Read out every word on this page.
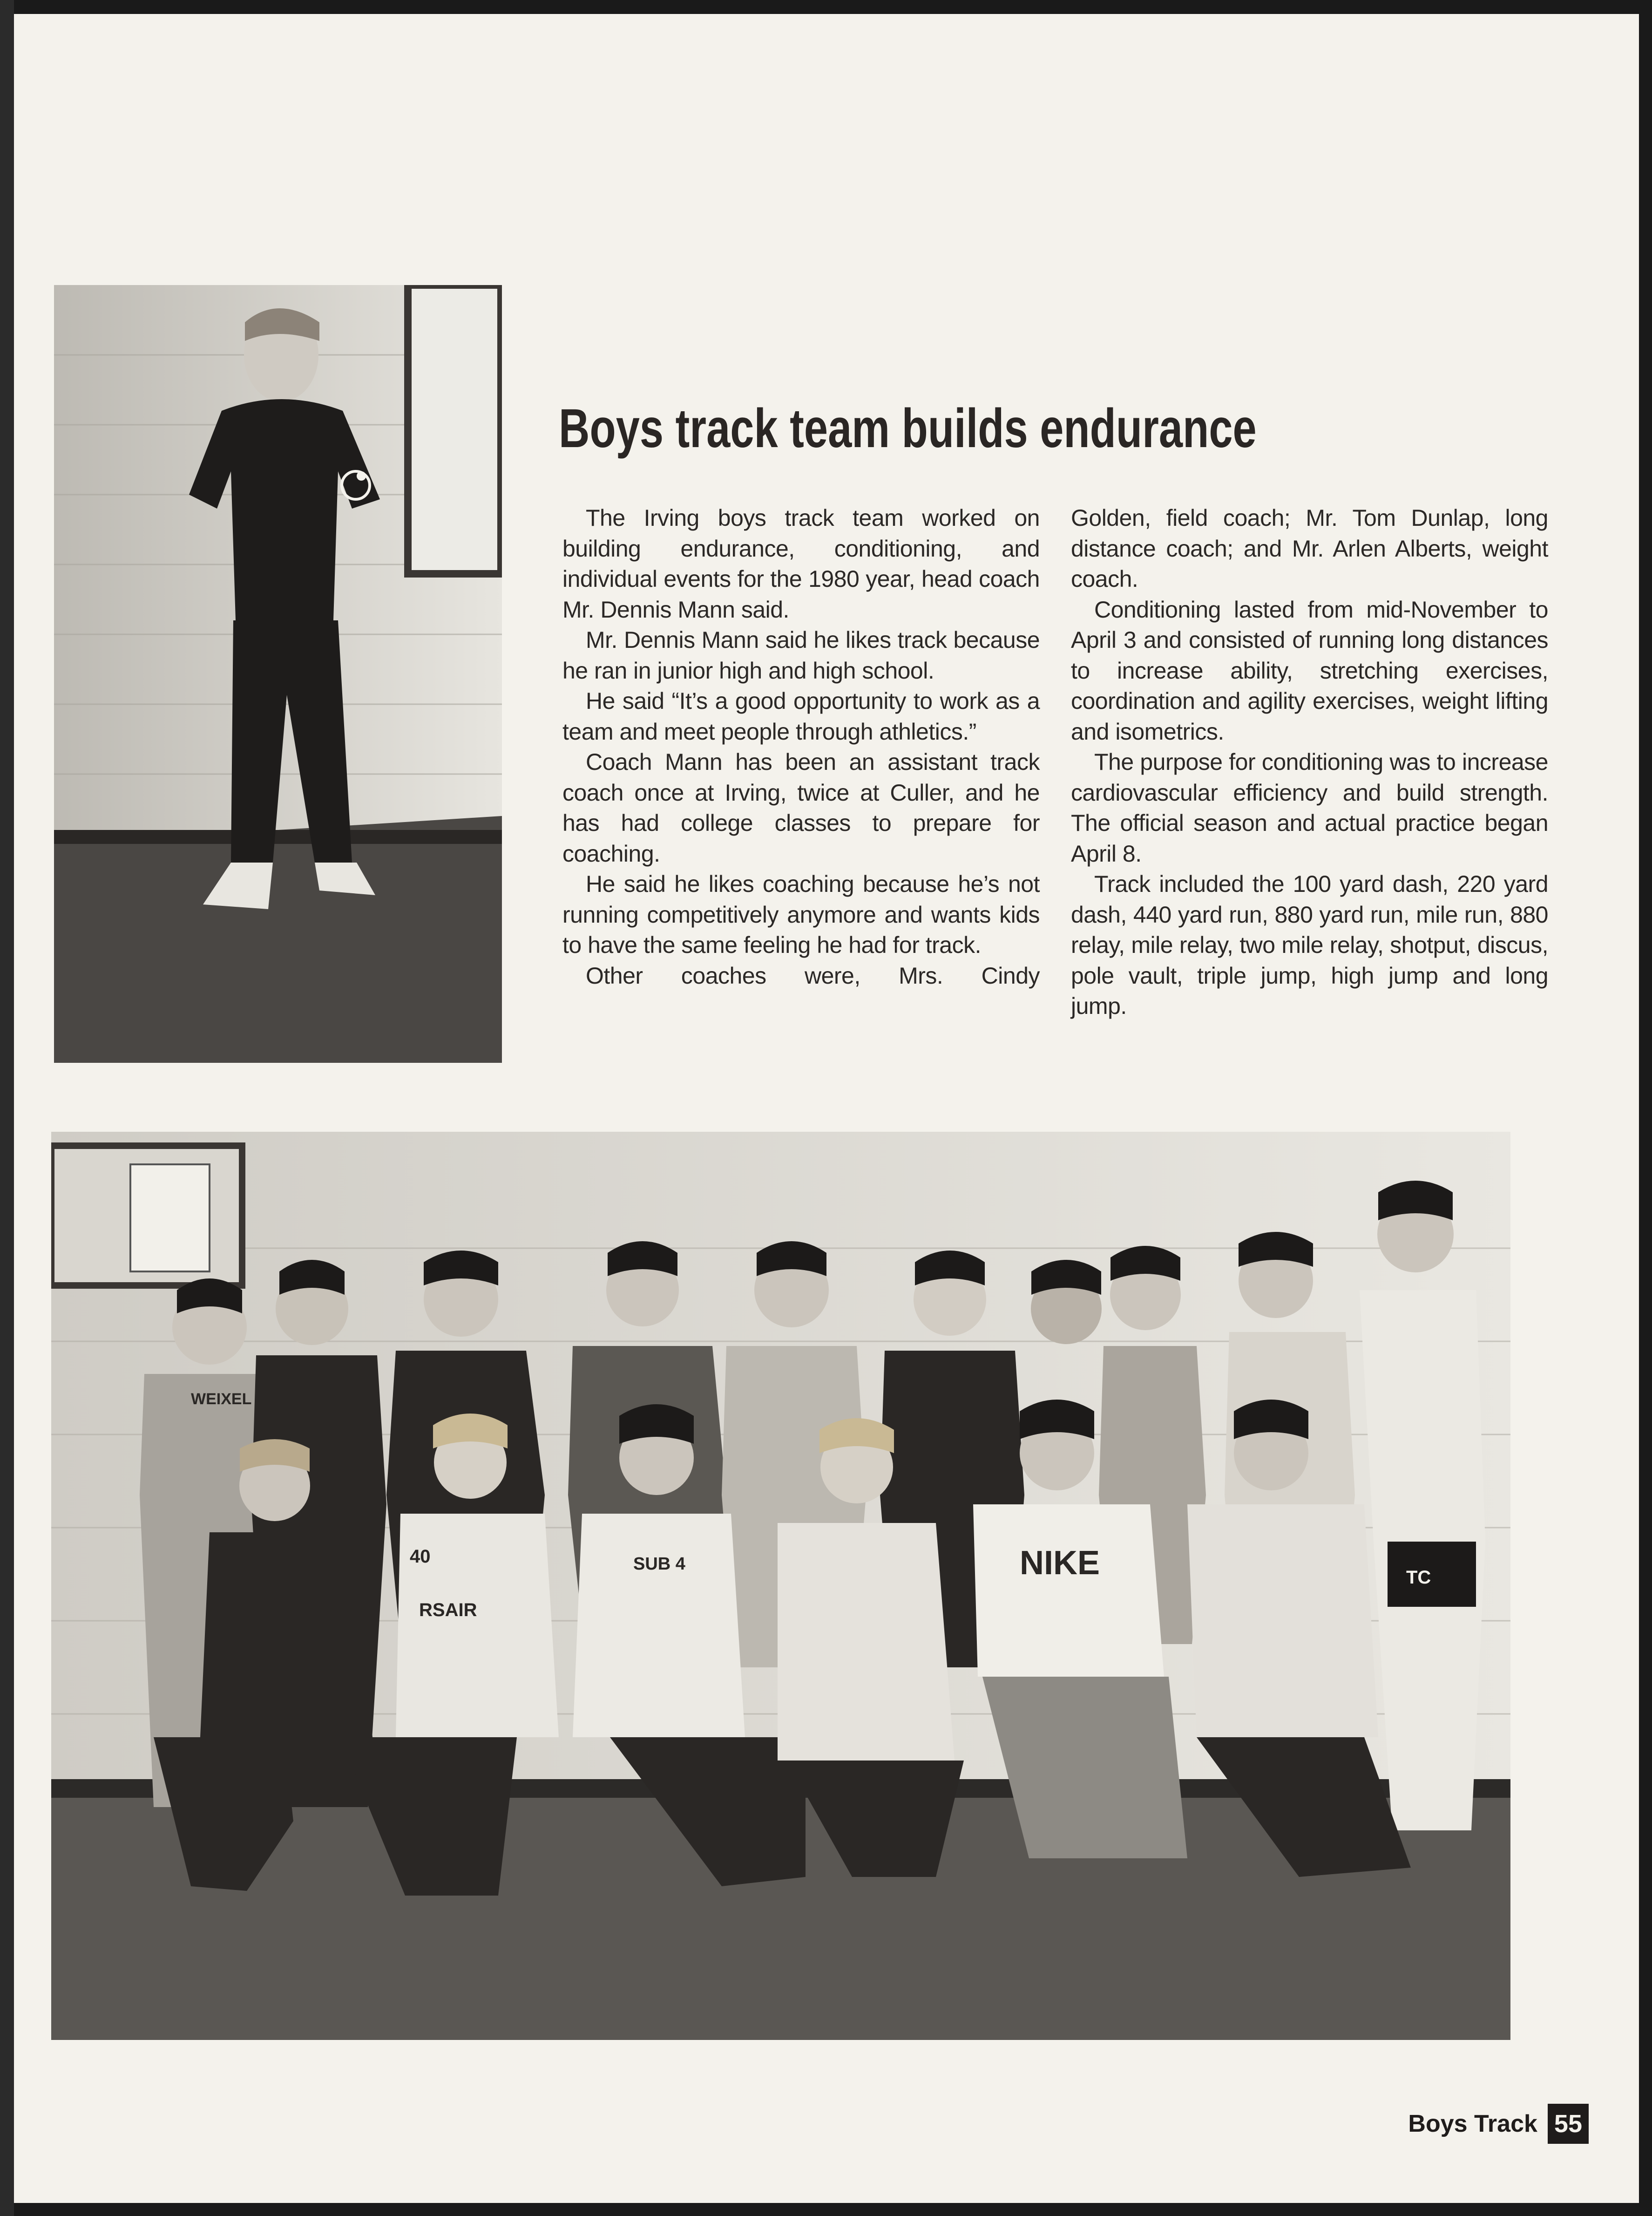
Boys track team builds endurance

The Irving boys track team worked on building endurance, conditioning, and individual events for the 1980 year, head coach Mr. Dennis Mann said.

Mr. Dennis Mann said he likes track because he ran in junior high and high school.

He said “It’s a good opportunity to work as a team and meet people through athletics.”

Coach Mann has been an assistant track coach once at Irving, twice at Culler, and he has had college classes to prepare for coaching.

He said he likes coaching because he’s not running competitively anymore and wants kids to have the same feeling he had for track.

Other coaches were, Mrs. Cindy

Golden, field coach; Mr. Tom Dunlap, long distance coach; and Mr. Arlen Alberts, weight coach.

Conditioning lasted from mid-November to April 3 and consisted of running long distances to increase ability, stretching exercises, coordination and agility exercises, weight lifting and isometrics.

The purpose for conditioning was to increase cardiovascular efficiency and build strength. The official season and actual practice began April 8.

Track included the 100 yard dash, 220 yard dash, 440 yard run, 880 yard run, mile run, 880 relay, mile relay, two mile relay, shotput, discus, pole vault, triple jump, high jump and long jump.

WEIXEL
40
RSAIR
SUB 4	NIKE	TC
Boys Track 55
